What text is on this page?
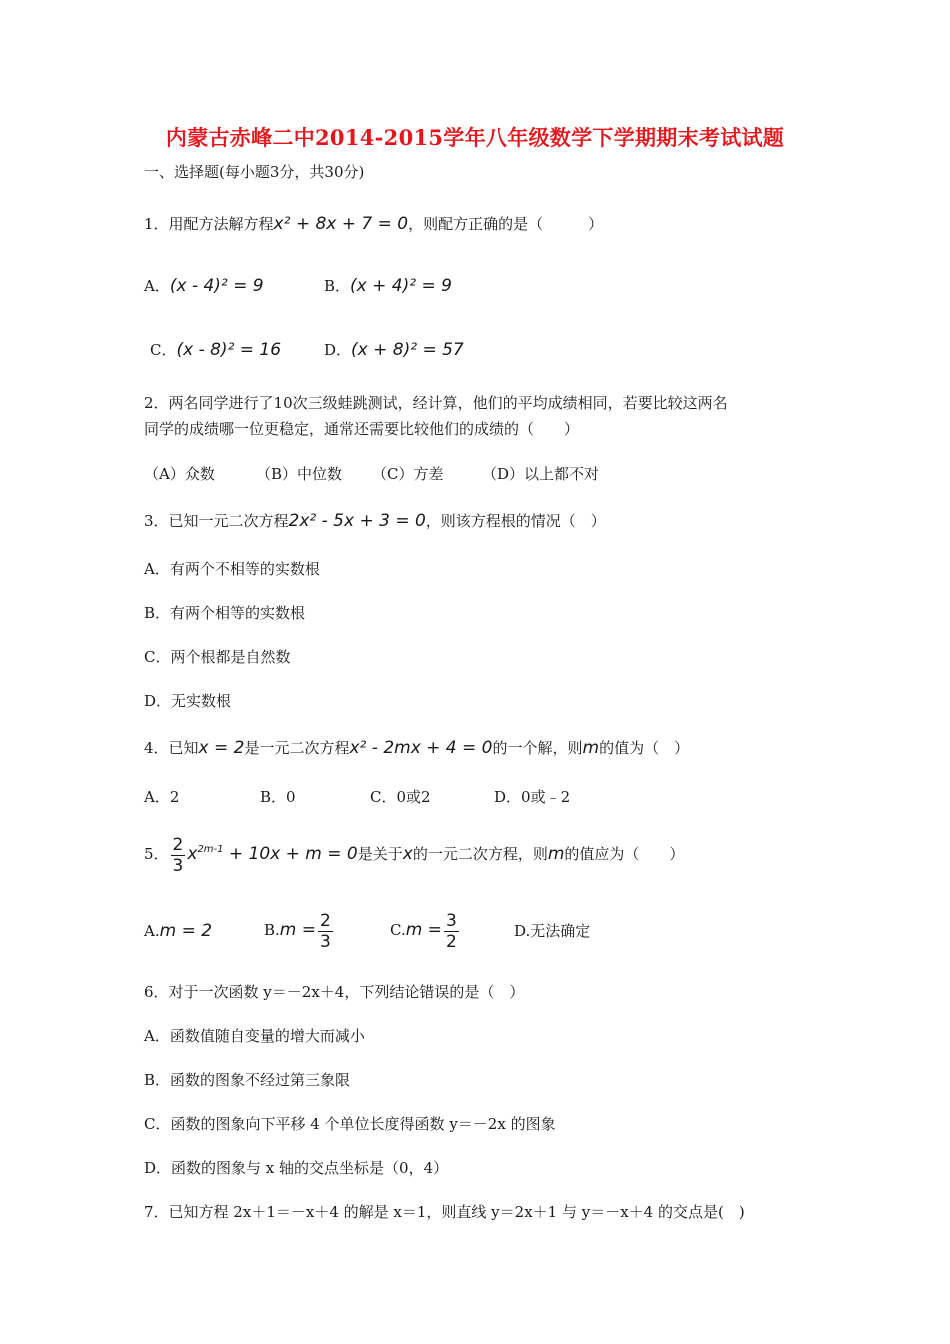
内蒙古赤峰二中2014-2015学年八年级数学下学期期末考试试题
一、选择题(每小题3分，共30分)
1．用配方法解方程x² + 8x + 7 = 0，则配方正确的是（　　　）
A．(x - 4)² = 9	B．(x + 4)² = 9
C．(x - 8)² = 16	D．(x + 8)² = 57
2．两名同学进行了10次三级蛙跳测试，经计算，他们的平均成绩相同，若要比较这两名
同学的成绩哪一位更稳定，通常还需要比较他们的成绩的（　　）
（A）众数	（B）中位数 （C）方差	（D）以上都不对
3．已知一元二次方程2x² - 5x + 3 = 0，则该方程根的情况（　）
A．有两个不相等的实数根
B．有两个相等的实数根
C．两个根都是自然数
D．无实数根
4．已知x = 2是一元二次方程x² - 2mx + 4 = 0的一个解，则m的值为（　）
A．2	B．0	C．0或2	D．0或﹣2
5． $\frac{2}{3} x^{2m-1} + 10x + m = 0$是关于x的一元二次方程，则m的值应为（　　）
A.m = 2	$B.m = \frac{2}{3}$	$C.m = \frac{3}{2}$	D.无法确定
6．对于一次函数 y＝－2x＋4，下列结论错误的是（　）
A．函数值随自变量的增大而减小
B．函数的图象不经过第三象限
C．函数的图象向下平移 4 个单位长度得函数 y＝－2x 的图象
D．函数的图象与 x 轴的交点坐标是（0，4）
7．已知方程 2x＋1＝－x＋4 的解是 x＝1，则直线 y＝2x＋1 与 y＝－x＋4 的交点是(　)
